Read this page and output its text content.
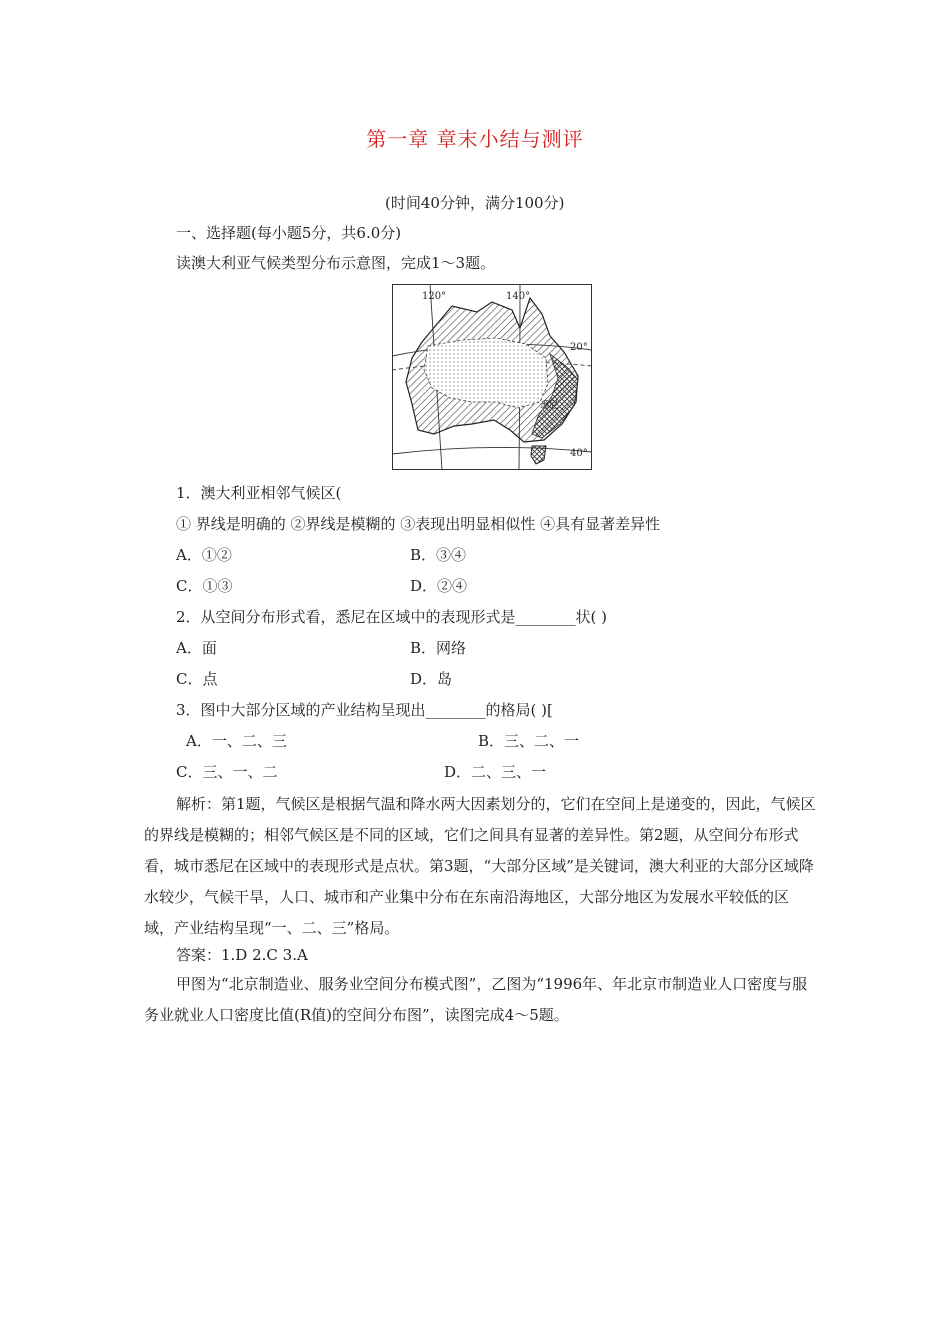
第一章 章末小结与测评
(时间40分钟，满分100分)
一、选择题(每小题5分，共6.0分)
读澳大利亚气候类型分布示意图，完成1～3题。
120°	140°
20°
40°
悉尼
1．澳大利亚相邻气候区(
① 界线是明确的 ②界线是模糊的 ③表现出明显相似性 ④具有显著差异性
A．①②	B．③④
C．①③	D．②④
2．从空间分布形式看，悉尼在区域中的表现形式是________状( )
A．面	B．网络
C．点	D．岛
3．图中大部分区域的产业结构呈现出________的格局( )[
A．一、二、三	B．三、二、一
C．三、一、二	D．二、三、一
解析：第1题，气候区是根据气温和降水两大因素划分的，它们在空间上是递变的，因此，气候区的界线是模糊的；相邻气候区是不同的区域，它们之间具有显著的差异性。第2题，从空间分布形式看，城市悉尼在区域中的表现形式是点状。第3题，“大部分区域”是关键词，澳大利亚的大部分区域降水较少，气候干旱，人口、城市和产业集中分布在东南沿海地区，大部分地区为发展水平较低的区域，产业结构呈现“一、二、三”格局。
答案：1.D 2.C 3.A
甲图为“北京制造业、服务业空间分布模式图”，乙图为“1996年、年北京市制造业人口密度与服务业就业人口密度比值(R值)的空间分布图”，读图完成4～5题。
